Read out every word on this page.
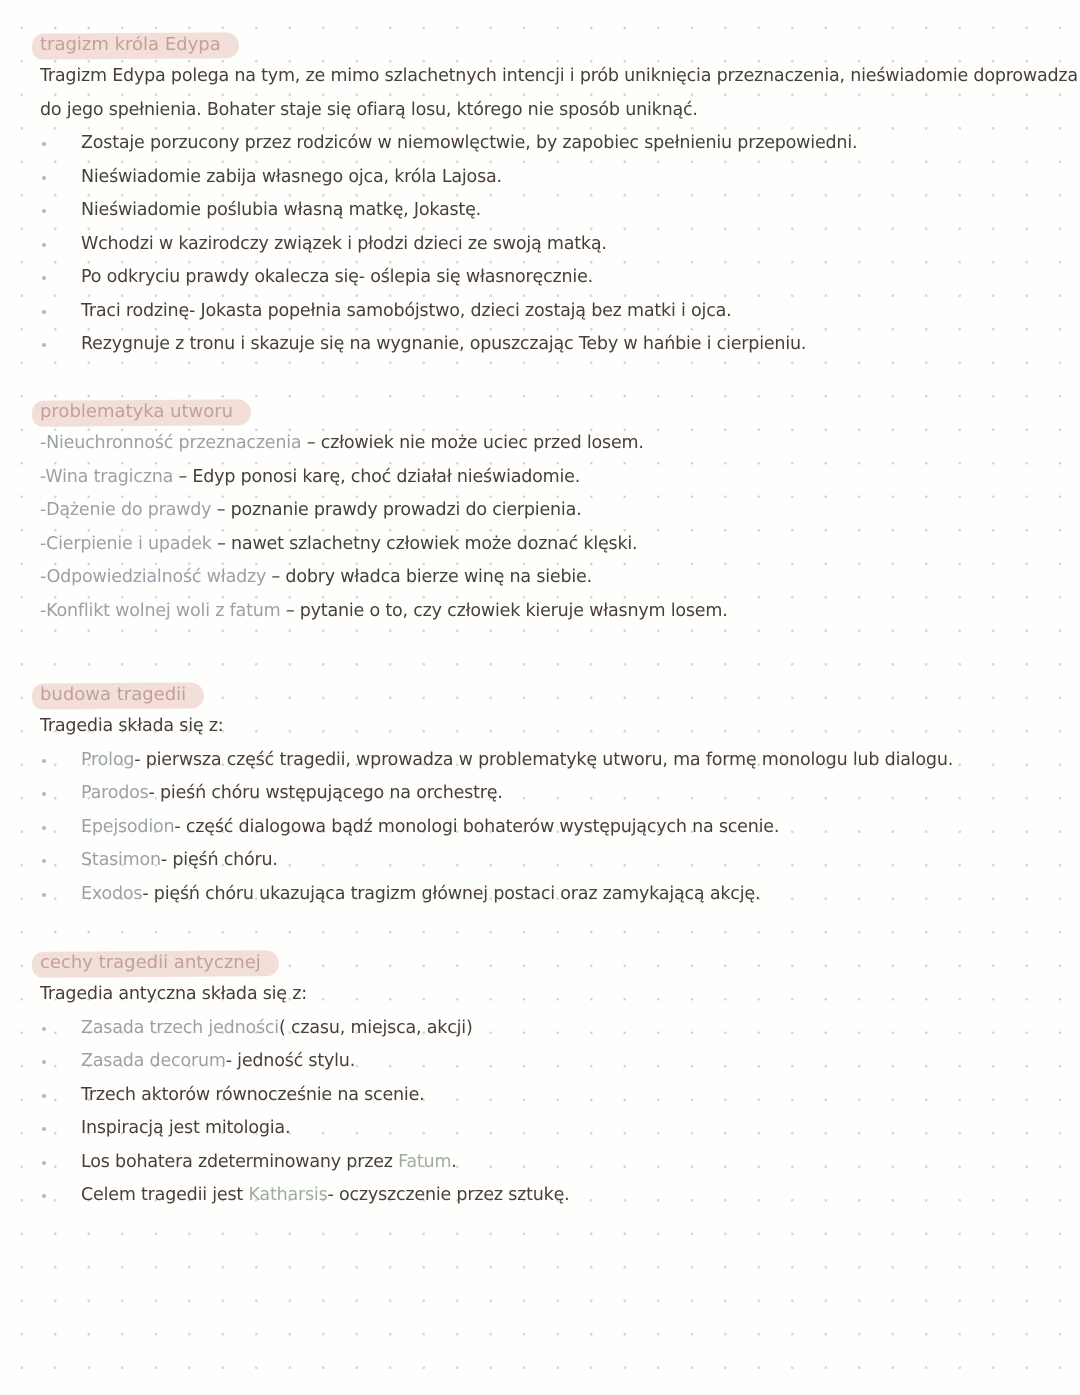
tragizm króla Edypa
Tragizm Edypa polega na tym, ze mimo szlachetnych intencji i prób uniknięcia przeznaczenia, nieświadomie doprowadza
do jego spełnienia. Bohater staje się ofiarą losu, którego nie sposób uniknąć.
Zostaje porzucony przez rodziców w niemowlęctwie, by zapobiec spełnieniu przepowiedni.
Nieświadomie zabija własnego ojca, króla Lajosa.
Nieświadomie poślubia własną matkę, Jokastę.
Wchodzi w kazirodczy związek i płodzi dzieci ze swoją matką.
Po odkryciu prawdy okalecza się- oślepia się własnoręcznie.
Traci rodzinę- Jokasta popełnia samobójstwo, dzieci zostają bez matki i ojca.
Rezygnuje z tronu i skazuje się na wygnanie, opuszczając Teby w hańbie i cierpieniu.
problematyka utworu
-Nieuchronność przeznaczenia – człowiek nie może uciec przed losem.
-Wina tragiczna – Edyp ponosi karę, choć działał nieświadomie.
-Dążenie do prawdy – poznanie prawdy prowadzi do cierpienia.
-Cierpienie i upadek – nawet szlachetny człowiek może doznać klęski.
-Odpowiedzialność władzy – dobry władca bierze winę na siebie.
-Konflikt wolnej woli z fatum – pytanie o to, czy człowiek kieruje własnym losem.
budowa tragedii
Tragedia składa się z:
Prolog- pierwsza część tragedii, wprowadza w problematykę utworu, ma formę monologu lub dialogu.
Parodos- pieśń chóru wstępującego na orchestrę.
Epejsodion- część dialogowa bądź monologi bohaterów występujących na scenie.
Stasimon- pięśń chóru.
Exodos- pięśń chóru ukazująca tragizm głównej postaci oraz zamykającą akcję.
cechy tragedii antycznej
Tragedia antyczna składa się z:
Zasada trzech jedności( czasu, miejsca, akcji)
Zasada decorum- jedność stylu.
Trzech aktorów równocześnie na scenie.
Inspiracją jest mitologia.
Los bohatera zdeterminowany przez Fatum.
Celem tragedii jest Katharsis- oczyszczenie przez sztukę.
